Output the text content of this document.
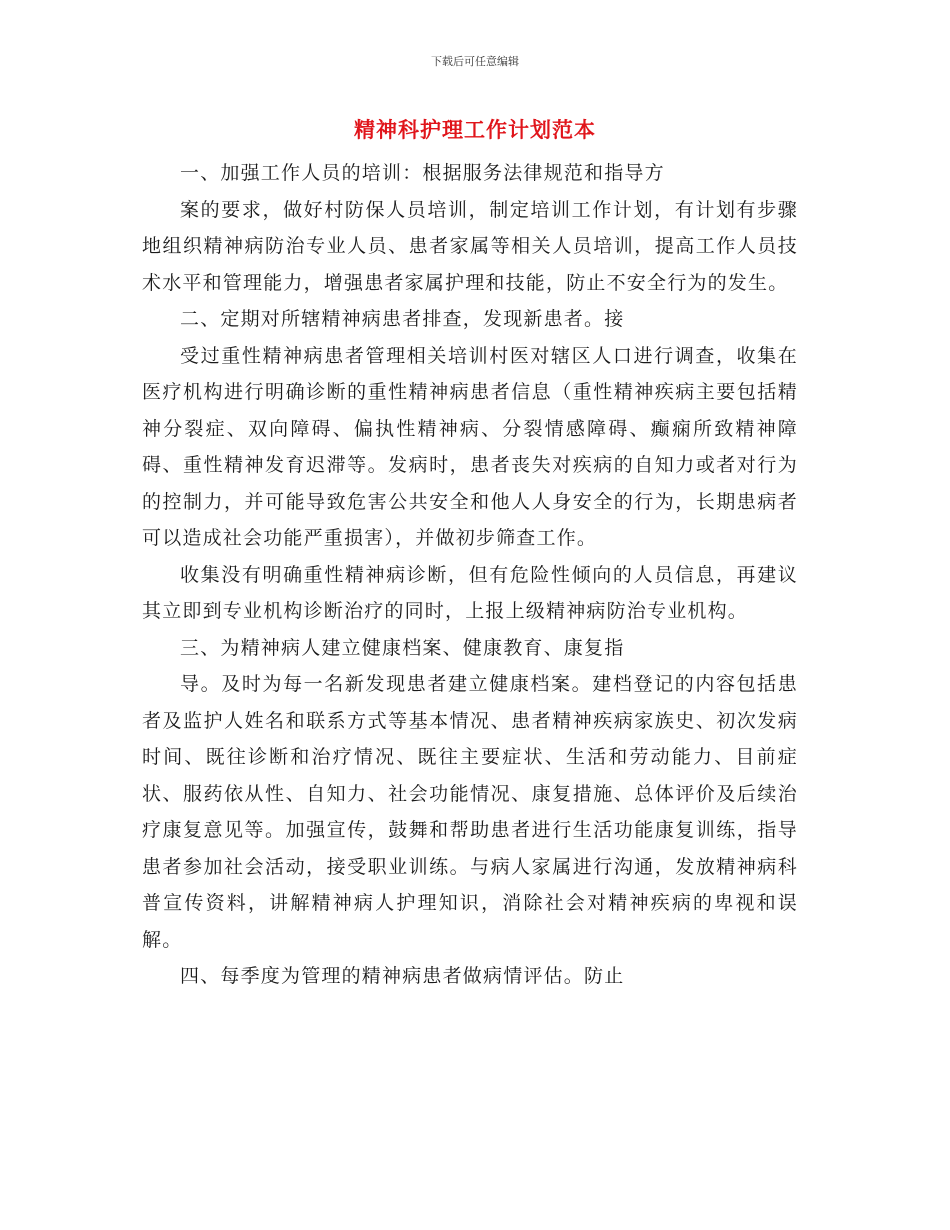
下载后可任意编辑
精神科护理工作计划范本

一、加强工作人员的培训：根据服务法律规范和指导方

案的要求，做好村防保人员培训，制定培训工作计划，有计划有步骤地组织精神病防治专业人员、患者家属等相关人员培训，提高工作人员技术水平和管理能力，增强患者家属护理和技能，防止不安全行为的发生。

二、定期对所辖精神病患者排查，发现新患者。接

受过重性精神病患者管理相关培训村医对辖区人口进行调查，收集在医疗机构进行明确诊断的重性精神病患者信息（重性精神疾病主要包括精神分裂症、双向障碍、偏执性精神病、分裂情感障碍、癫痫所致精神障碍、重性精神发育迟滞等。发病时，患者丧失对疾病的自知力或者对行为的控制力，并可能导致危害公共安全和他人人身安全的行为，长期患病者可以造成社会功能严重损害），并做初步筛查工作。

收集没有明确重性精神病诊断，但有危险性倾向的人员信息，再建议其立即到专业机构诊断治疗的同时，上报上级精神病防治专业机构。

三、为精神病人建立健康档案、健康教育、康复指

导。及时为每一名新发现患者建立健康档案。建档登记的内容包括患者及监护人姓名和联系方式等基本情况、患者精神疾病家族史、初次发病时间、既往诊断和治疗情况、既往主要症状、生活和劳动能力、目前症状、服药依从性、自知力、社会功能情况、康复措施、总体评价及后续治疗康复意见等。加强宣传，鼓舞和帮助患者进行生活功能康复训练，指导患者参加社会活动，接受职业训练。与病人家属进行沟通，发放精神病科普宣传资料，讲解精神病人护理知识，消除社会对精神疾病的卑视和误解。

四、每季度为管理的精神病患者做病情评估。防止
